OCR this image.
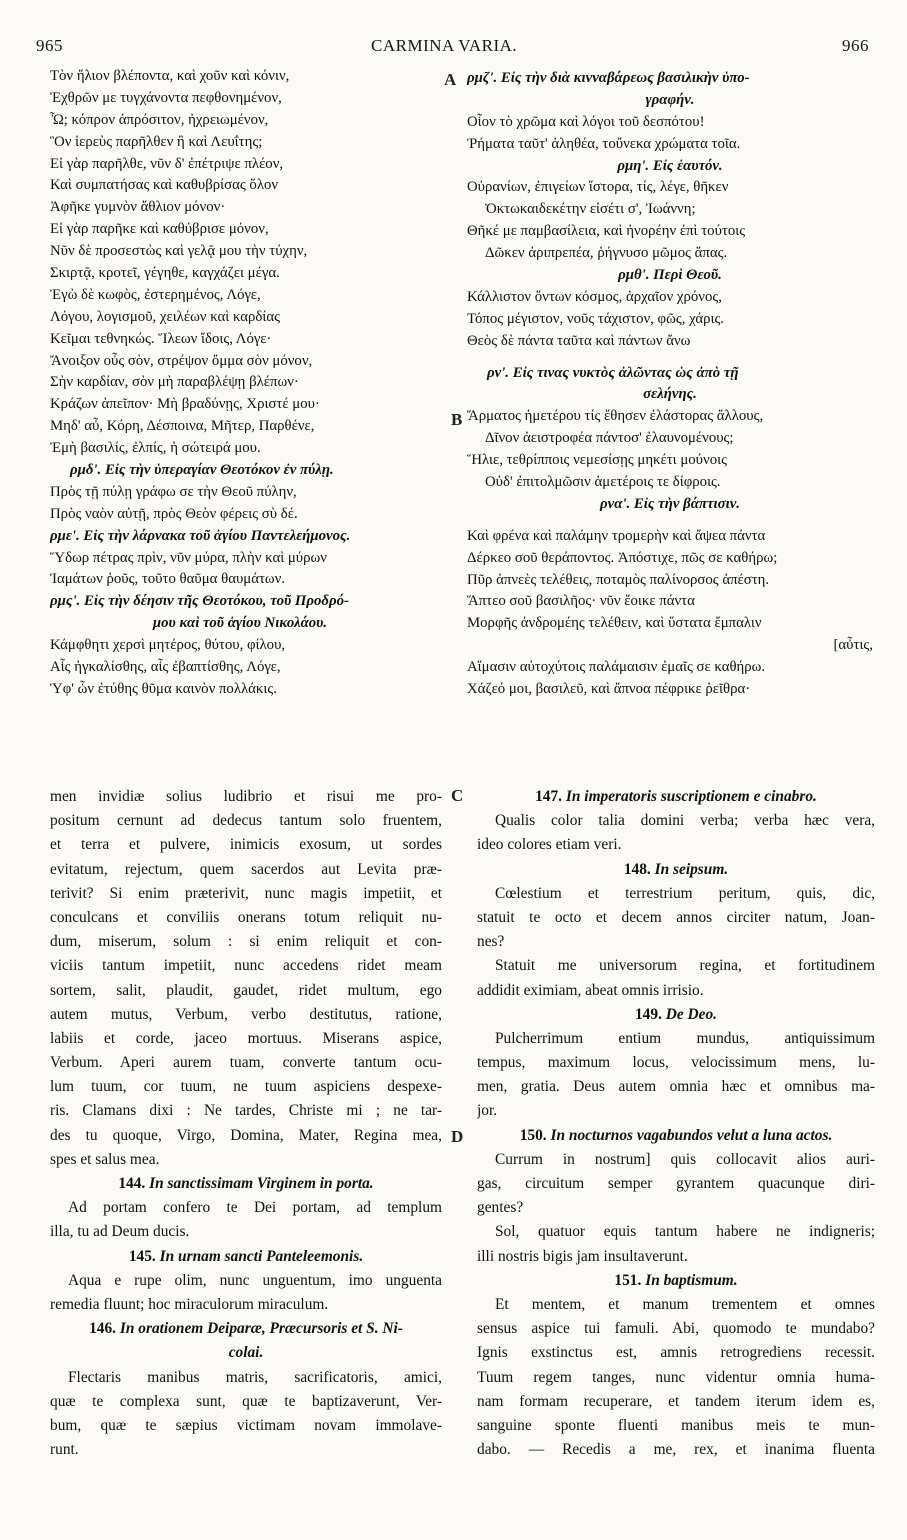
965	CARMINA VARIA.	966
A
B
C
D
Τὸν ἥλιον βλέποντα, καὶ χοῦν καὶ κόνιν,
Ἐχθρῶν με τυγχάνοντα πεφθονημένον,
Ὦ; κόπρον ἀπρόσιτον, ἠχρειωμένον,
Ὃν ἱερεὺς παρῆλθεν ἢ καὶ Λευΐτης;
Εἰ γὰρ παρῆλθε, νῦν δ' ἐπέτριψε πλέον,
Καὶ συμπατήσας καὶ καθυβρίσας ὅλον
Ἀφῆκε γυμνὸν ἄθλιον μόνον·
Εἰ γὰρ παρῆκε καὶ καθύβρισε μόνον,
Νῦν δὲ προσεστὼς καὶ γελᾷ μου τὴν τύχην,
Σκιρτᾷ, κροτεῖ, γέγηθε, καγχάζει μέγα.
Ἐγὼ δὲ κωφὸς, ἐστερημένος, Λόγε,
Λόγου, λογισμοῦ, χειλέων καὶ καρδίας
Κεῖμαι τεθνηκώς. Ἵλεων ἴδοις, Λόγε·
Ἄνοιξον οὖς σὸν, στρέψον ὄμμα σὸν μόνον,
Σὴν καρδίαν, σὸν μὴ παραβλέψῃ βλέπων·
Κράζων ἀπεῖπον· Μὴ βραδύνῃς, Χριστέ μου·
Μηδ' αὖ, Κόρη, Δέσποινα, Μῆτερ, Παρθένε,
Ἐμὴ βασιλίς, ἐλπίς, ἡ σώτειρά μου.
ρμδ'. Εἰς τὴν ὑπεραγίαν Θεοτόκον ἐν πύλῃ.
Πρὸς τῇ πύλῃ γράφω σε τὴν Θεοῦ πύλην,
Πρὸς ναὸν αὐτῇ, πρὸς Θεὸν φέρεις σὺ δέ.
ρμε'. Εἰς τὴν λάρνακα τοῦ ἁγίου Παντελεήμονος.
Ὕδωρ πέτρας πρὶν, νῦν μύρα, πλὴν καὶ μύρων
Ἰαμάτων ῥοῦς, τοῦτο θαῦμα θαυμάτων.
ρμς'. Εἰς τὴν δέησιν τῆς Θεοτόκου, τοῦ Προδρό-
μου καὶ τοῦ ἁγίου Νικολάου.
Κάμφθητι χερσὶ μητέρος, θύτου, φίλου,
Αἷς ἠγκαλίσθης, αἷς ἐβαπτίσθης, Λόγε,
Ὑφ' ὧν ἐτύθης θῦμα καινὸν πολλάκις.
ρμζ'. Εἰς τὴν διὰ κινναβάρεως βασιλικὴν ὑπο-
γραφήν.
Οἷον τὸ χρῶμα καὶ λόγοι τοῦ δεσπότου!
Ῥήματα ταῦτ' ἀληθέα, τοὔνεκα χρώματα τοῖα.
ρμη'. Εἰς ἑαυτόν.
Οὐρανίων, ἐπιγείων ἵστορα, τίς, λέγε, θῆκεν
Ὀκτωκαιδεκέτην εἰσέτι σ', Ἰωάννη;
Θῆκέ με παμβασίλεια, καὶ ἠνορέην ἐπὶ τούτοις
Δῶκεν ἀριπρεπέα, ῥήγνυσο μῶμος ἅπας.
ρμθ'. Περὶ Θεοῦ.
Κάλλιστον ὄντων κόσμος, ἀρχαῖον χρόνος,
Τόπος μέγιστον, νοῦς τάχιστον, φῶς, χάρις.
Θεὸς δὲ πάντα ταῦτα καὶ πάντων ἄνω
ρν'. Εἰς τινας νυκτὸς ἀλῶντας ὡς ἀπὸ τῇ
σελήνης.
Ἅρματος ἡμετέρου τίς ἔθησεν ἐλάστορας ἄλλους,
Δῖνον ἀειστροφέα πάντοσ' ἐλαυνομένους;
Ἥλιε, τεθρίπποις νεμεσίσῃς μηκέτι μούνοις
Οὐδ' ἐπιτολμῶσιν ἁμετέροις τε δίφροις.
ρνα'. Εἰς τὴν βάπτισιν.
Καὶ φρένα καὶ παλάμην τρομερὴν καὶ ἄψεα πάντα
Δέρκεο σοῦ θεράποντος. Ἀπόστιχε, πῶς σε καθήρω;
Πῦρ ἀπνεὲς τελέθεις, ποταμὸς παλίνορσος ἀπέστη.
Ἅπτεο σοῦ βασιλῆος· νῦν ἔοικε πάντα
Μορφῆς ἀνδρομέης τελέθειν, καὶ ὕστατα ἔμπαλιν
[αὖτις,
Αἵμασιν αὐτοχύτοις παλάμαισιν ἐμαῖς σε καθήρω.
Χάζεό μοι, βασιλεῦ, καὶ ἄπνοα πέφρικε ῥεῖθρα·
men invidiæ solius ludibrio et risui me pro-
positum cernunt ad dedecus tantum solo fruentem,
et terra et pulvere, inimicis exosum, ut sordes
evitatum, rejectum, quem sacerdos aut Levita præ-
terivit? Si enim præterivit, nunc magis impetiit, et
conculcans et conviliis onerans totum reliquit nu-
dum, miserum, solum : si enim reliquit et con-
viciis tantum impetiit, nunc accedens ridet meam
sortem, salit, plaudit, gaudet, ridet multum, ego
autem mutus, Verbum, verbo destitutus, ratione,
labiis et corde, jaceo mortuus. Miserans aspice,
Verbum. Aperi aurem tuam, converte tantum ocu-
lum tuum, cor tuum, ne tuum aspiciens despexe-
ris. Clamans dixi : Ne tardes, Christe mi ; ne tar-
des tu quoque, Virgo, Domina, Mater, Regina mea,
spes et salus mea.
144. In sanctissimam Virginem in porta.
Ad portam confero te Dei portam, ad templum
illa, tu ad Deum ducis.
145. In urnam sancti Panteleemonis.
Aqua e rupe olim, nunc unguentum, imo unguenta
remedia fluunt; hoc miraculorum miraculum.
146. In orationem Deiparæ, Præcursoris et S. Ni-
colai.
Flectaris manibus matris, sacrificatoris, amici,
quæ te complexa sunt, quæ te baptizaverunt, Ver-
bum, quæ te sæpius victimam novam immolave-
runt.
147. In imperatoris suscriptionem e cinabro.
Qualis color talia domini verba; verba hæc vera,
ideo colores etiam veri.
148. In seipsum.
Cœlestium et terrestrium peritum, quis, dic,
statuit te octo et decem annos circiter natum, Joan-
nes?
Statuit me universorum regina, et fortitudinem
addidit eximiam, abeat omnis irrisio.
149. De Deo.
Pulcherrimum entium mundus, antiquissimum
tempus, maximum locus, velocissimum mens, lu-
men, gratia. Deus autem omnia hæc et omnibus ma-
jor.
150. In nocturnos vagabundos velut a luna actos.
Currum in nostrum] quis collocavit alios auri-
gas, circuitum semper gyrantem quacunque diri-
gentes?
Sol, quatuor equis tantum habere ne indigneris;
illi nostris bigis jam insultaverunt.
151. In baptismum.
Et mentem, et manum trementem et omnes
sensus aspice tui famuli. Abi, quomodo te mundabo?
Ignis exstinctus est, amnis retrogrediens recessit.
Tuum regem tanges, nunc videntur omnia huma-
nam formam recuperare, et tandem iterum idem es,
sanguine sponte fluenti manibus meis te mun-
dabo. — Recedis a me, rex, et inanima fluenta
